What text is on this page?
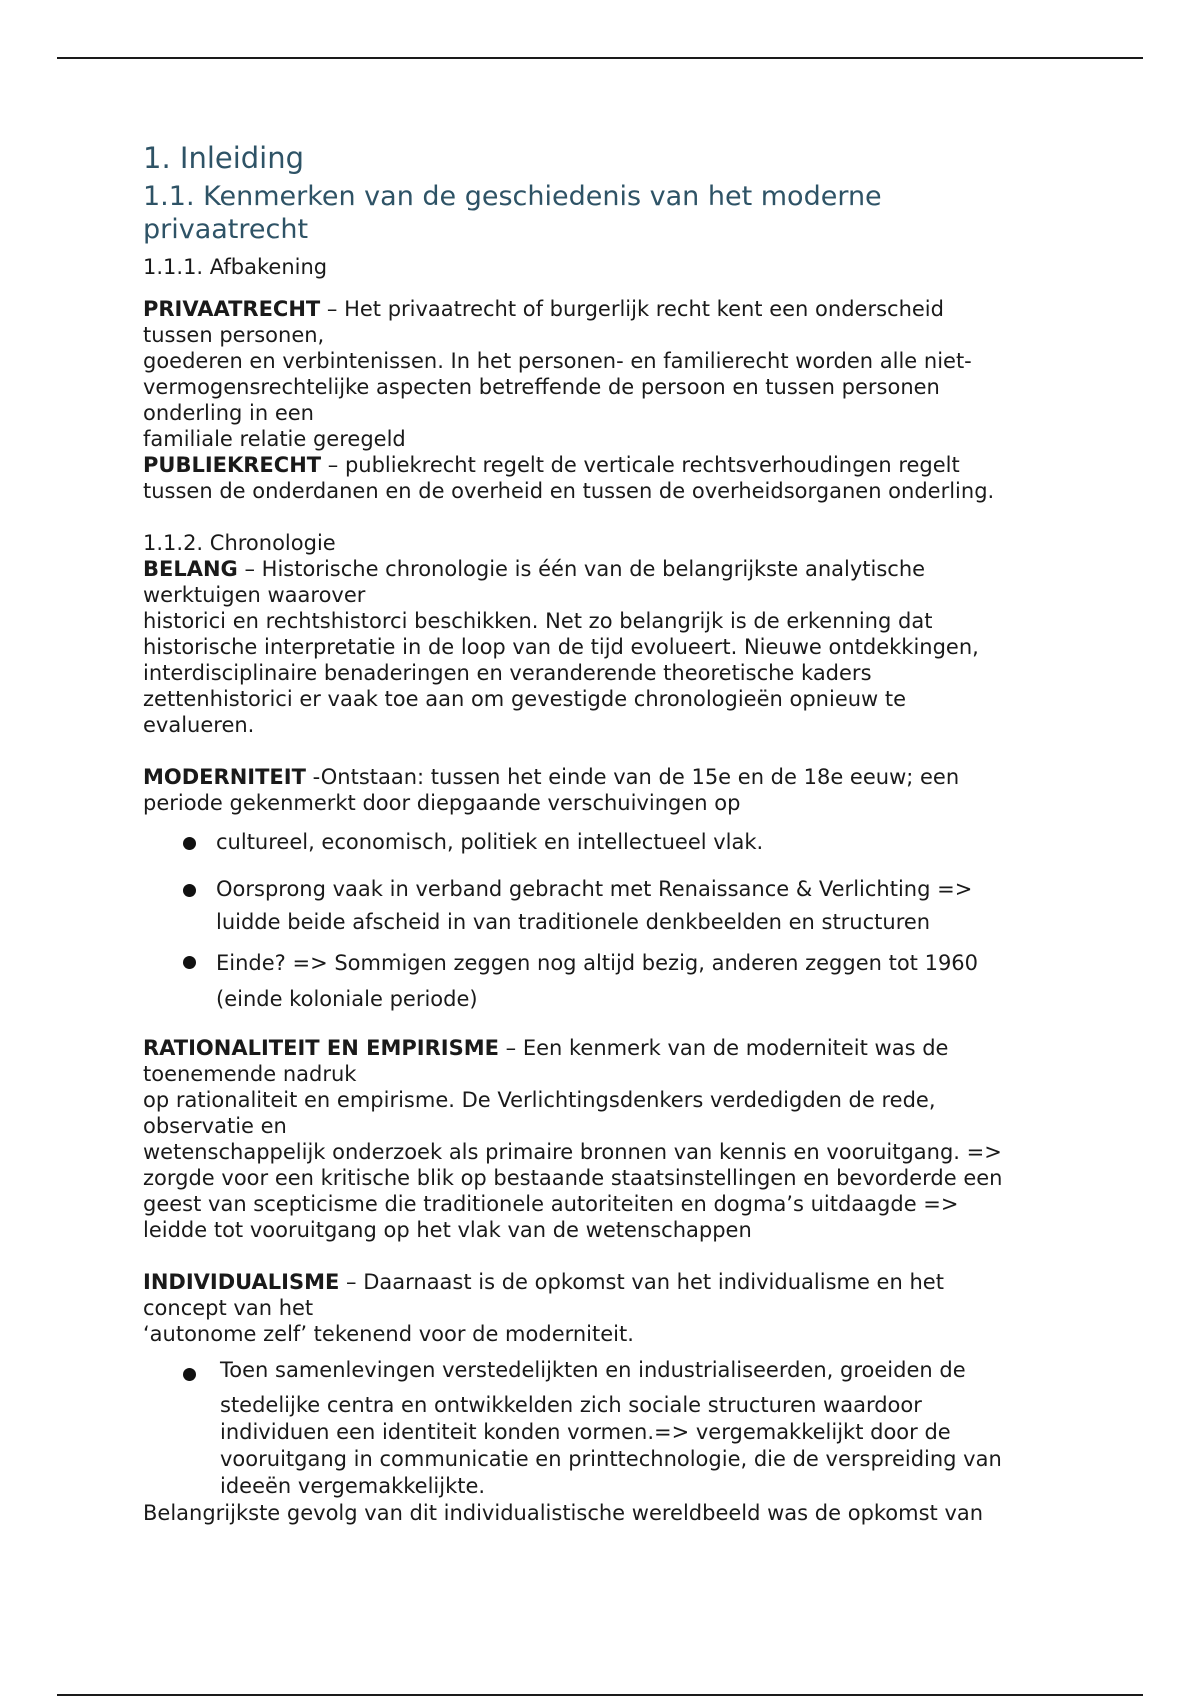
1. Inleiding
1.1. Kenmerken van de geschiedenis van het moderne
privaatrecht
1.1.1. Afbakening
PRIVAATRECHT – Het privaatrecht of burgerlijk recht kent een onderscheid
tussen personen,
goederen en verbintenissen. In het personen- en familierecht worden alle niet-
vermogensrechtelijke aspecten betreffende de persoon en tussen personen
onderling in een
familiale relatie geregeld
PUBLIEKRECHT – publiekrecht regelt de verticale rechtsverhoudingen regelt
tussen de onderdanen en de overheid en tussen de overheidsorganen onderling.
1.1.2. Chronologie
BELANG – Historische chronologie is één van de belangrijkste analytische
werktuigen waarover
historici en rechtshistorci beschikken. Net zo belangrijk is de erkenning dat
historische interpretatie in de loop van de tijd evolueert. Nieuwe ontdekkingen,
interdisciplinaire benaderingen en veranderende theoretische kaders
zettenhistorici er vaak toe aan om gevestigde chronologieën opnieuw te
evalueren.
MODERNITEIT -Ontstaan: tussen het einde van de 15e en de 18e eeuw; een
periode gekenmerkt door diepgaande verschuivingen op
cultureel, economisch, politiek en intellectueel vlak.
Oorsprong vaak in verband gebracht met Renaissance & Verlichting =>
luidde beide afscheid in van traditionele denkbeelden en structuren
Einde? => Sommigen zeggen nog altijd bezig, anderen zeggen tot 1960
(einde koloniale periode)
RATIONALITEIT EN EMPIRISME – Een kenmerk van de moderniteit was de
toenemende nadruk
op rationaliteit en empirisme. De Verlichtingsdenkers verdedigden de rede,
observatie en
wetenschappelijk onderzoek als primaire bronnen van kennis en vooruitgang. =>
zorgde voor een kritische blik op bestaande staatsinstellingen en bevorderde een
geest van scepticisme die traditionele autoriteiten en dogma’s uitdaagde =>
leidde tot vooruitgang op het vlak van de wetenschappen
INDIVIDUALISME – Daarnaast is de opkomst van het individualisme en het
concept van het
‘autonome zelf’ tekenend voor de moderniteit.
Toen samenlevingen verstedelijkten en industrialiseerden, groeiden de
stedelijke centra en ontwikkelden zich sociale structuren waardoor
individuen een identiteit konden vormen.=> vergemakkelijkt door de
vooruitgang in communicatie en printtechnologie, die de verspreiding van
ideeën vergemakkelijkte.
Belangrijkste gevolg van dit individualistische wereldbeeld was de opkomst van
